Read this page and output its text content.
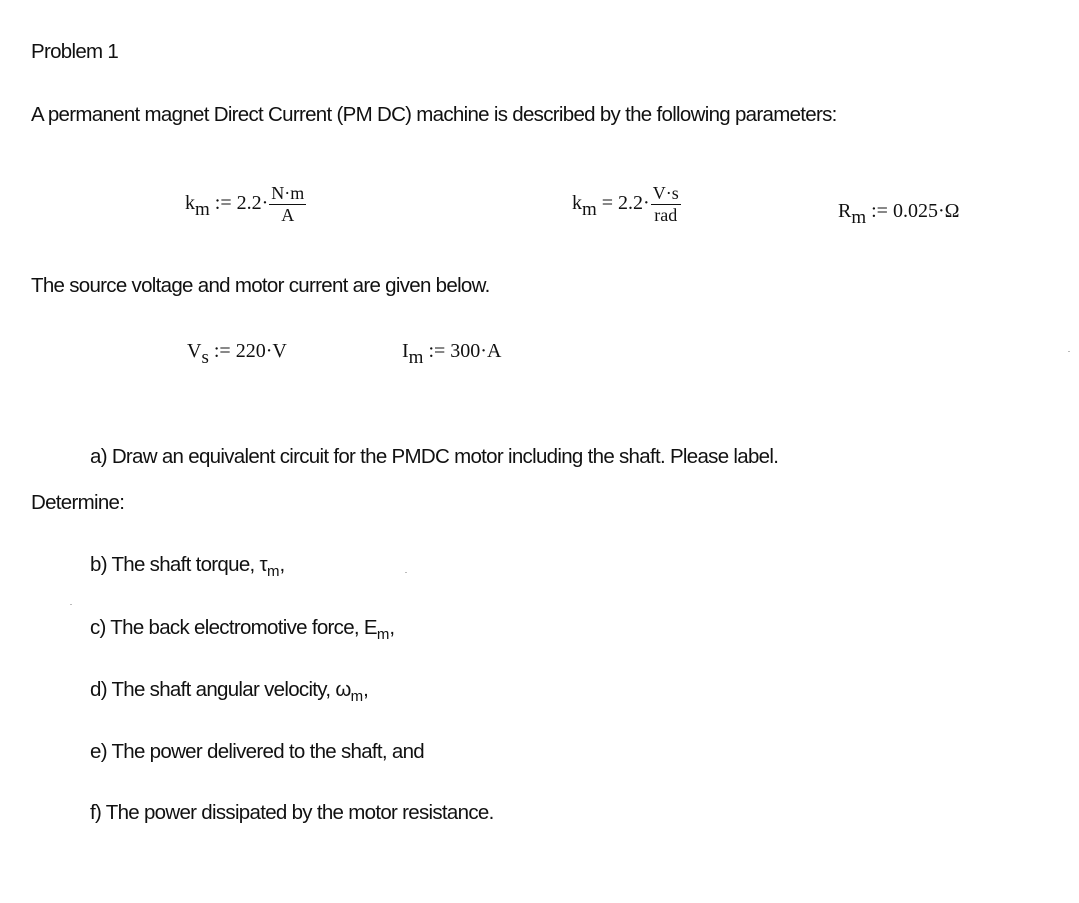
Problem 1
A permanent magnet Direct Current (PM DC) machine is described by the following parameters:
$k_m$ := $2.2\cdot \frac{N\cdot m}{A}$	$k_m = 2.2\cdot \frac{V\cdot s}{\text{rad}}$	$R_m$ := 0.025·Ω
The source voltage and motor current are given below.
$V_s$ := 220·V	$I_m$ := 300·A
a) Draw an equivalent circuit for the PMDC motor including the shaft. Please label.
Determine:
b) The shaft torque, $\tau_m$,
c) The back electromotive force, $E_m$,
d) The shaft angular velocity, $\omega_m$,
e) The power delivered to the shaft, and
f) The power dissipated by the motor resistance.
